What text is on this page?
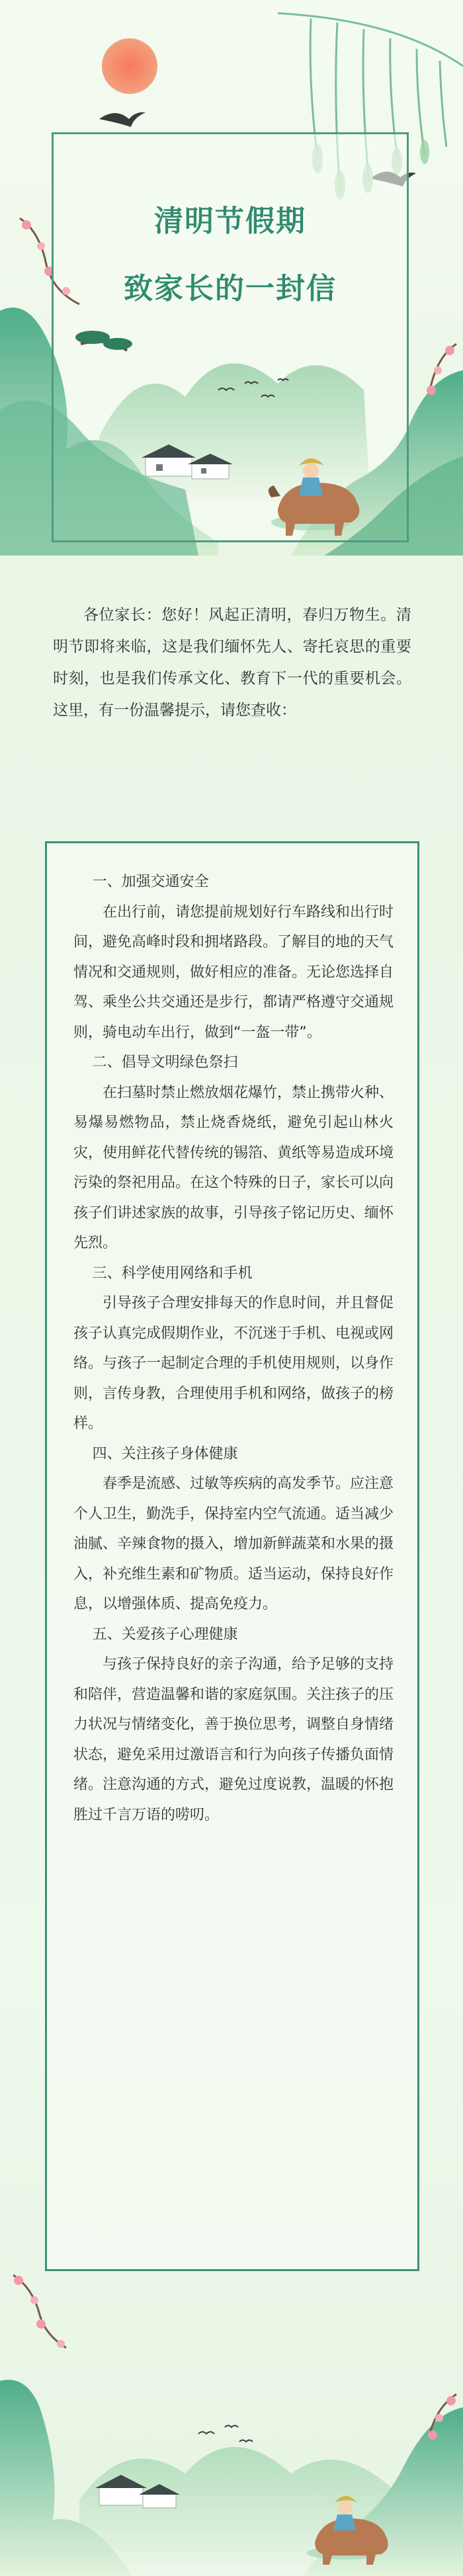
清明节假期
致家长的一封信
各位家长：您好！风起正清明，春归万物生。清明节即将来临，这是我们缅怀先人、寄托哀思的重要时刻，也是我们传承文化、教育下一代的重要机会。这里，有一份温馨提示，请您查收：

一、加强交通安全

在出行前，请您提前规划好行车路线和出行时间，避免高峰时段和拥堵路段。了解目的地的天气情况和交通规则，做好相应的准备。无论您选择自驾、乘坐公共交通还是步行，都请严格遵守交通规则，骑电动车出行，做到“一盔一带”。

二、倡导文明绿色祭扫

在扫墓时禁止燃放烟花爆竹，禁止携带火种、易爆易燃物品，禁止烧香烧纸，避免引起山林火灾，使用鲜花代替传统的锡箔、黄纸等易造成环境污染的祭祀用品。在这个特殊的日子，家长可以向孩子们讲述家族的故事，引导孩子铭记历史、缅怀先烈。

三、科学使用网络和手机

引导孩子合理安排每天的作息时间，并且督促孩子认真完成假期作业，不沉迷于手机、电视或网络。与孩子一起制定合理的手机使用规则，以身作则，言传身教，合理使用手机和网络，做孩子的榜样。

四、关注孩子身体健康

春季是流感、过敏等疾病的高发季节。应注意个人卫生，勤洗手，保持室内空气流通。适当减少油腻、辛辣食物的摄入，增加新鲜蔬菜和水果的摄入，补充维生素和矿物质。适当运动，保持良好作息，以增强体质、提高免疫力。

五、关爱孩子心理健康

与孩子保持良好的亲子沟通，给予足够的支持和陪伴，营造温馨和谐的家庭氛围。关注孩子的压力状况与情绪变化，善于换位思考，调整自身情绪状态，避免采用过激语言和行为向孩子传播负面情绪。注意沟通的方式，避免过度说教，温暖的怀抱胜过千言万语的唠叨。
